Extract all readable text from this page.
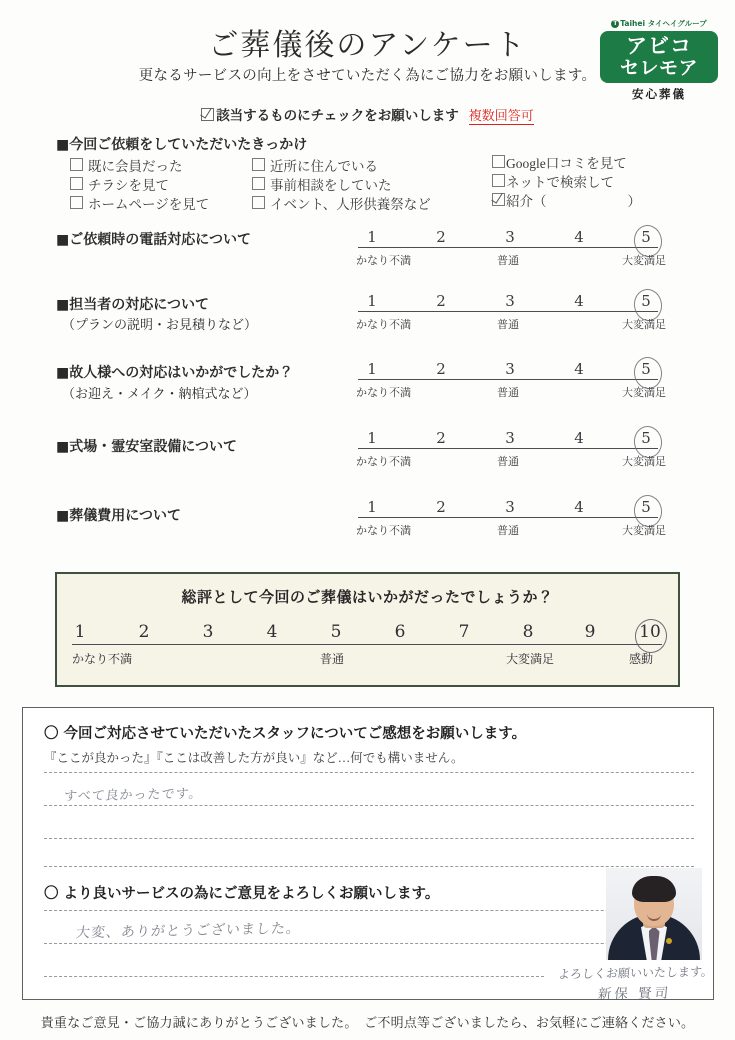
ご葬儀後のアンケート
更なるサービスの向上をさせていただく為にご協力をお願いします。
該当するものにチェックをお願いします 複数回答可
T Taihei タイヘイグループ
アビコ
セレモア
安心葬儀
■今回ご依頼をしていただいたきっかけ
既に会員だった
チラシを見て
ホームページを見て
近所に住んでいる
事前相談をしていた
イベント、人形供養祭など
Google口コミを見て
ネットで検索して
紹介（　　　　　　）
■ご依頼時の電話対応について	1	2	3	4	5
かなり不満	普通	大変満足
■担当者の対応について
（プランの説明・お見積りなど）
1	2	3	4	5
かなり不満	普通	大変満足
■故人様への対応はいかがでしたか？
（お迎え・メイク・納棺式など）
1	2	3	4	5
かなり不満	普通	大変満足
■式場・霊安室設備について	1	2	3	4	5
かなり不満	普通	大変満足
■葬儀費用について	1	2	3	4	5
かなり不満	普通	大変満足
総評として今回のご葬儀はいかがだったでしょうか？
1	2	3	4	5	6	7	8	9	10
かなり不満	普通	大変満足	感動
〇 今回ご対応させていただいたスタッフについてご感想をお願いします。
『ここが良かった』『ここは改善した方が良い』など…何でも構いません。
すべて良かったです。
〇 より良いサービスの為にご意見をよろしくお願いします。
大変、ありがとうございました。
よろしくお願いいたします。
新保 賢司
貴重なご意見・ご協力誠にありがとうございました。　ご不明点等ございましたら、お気軽にご連絡ください。
